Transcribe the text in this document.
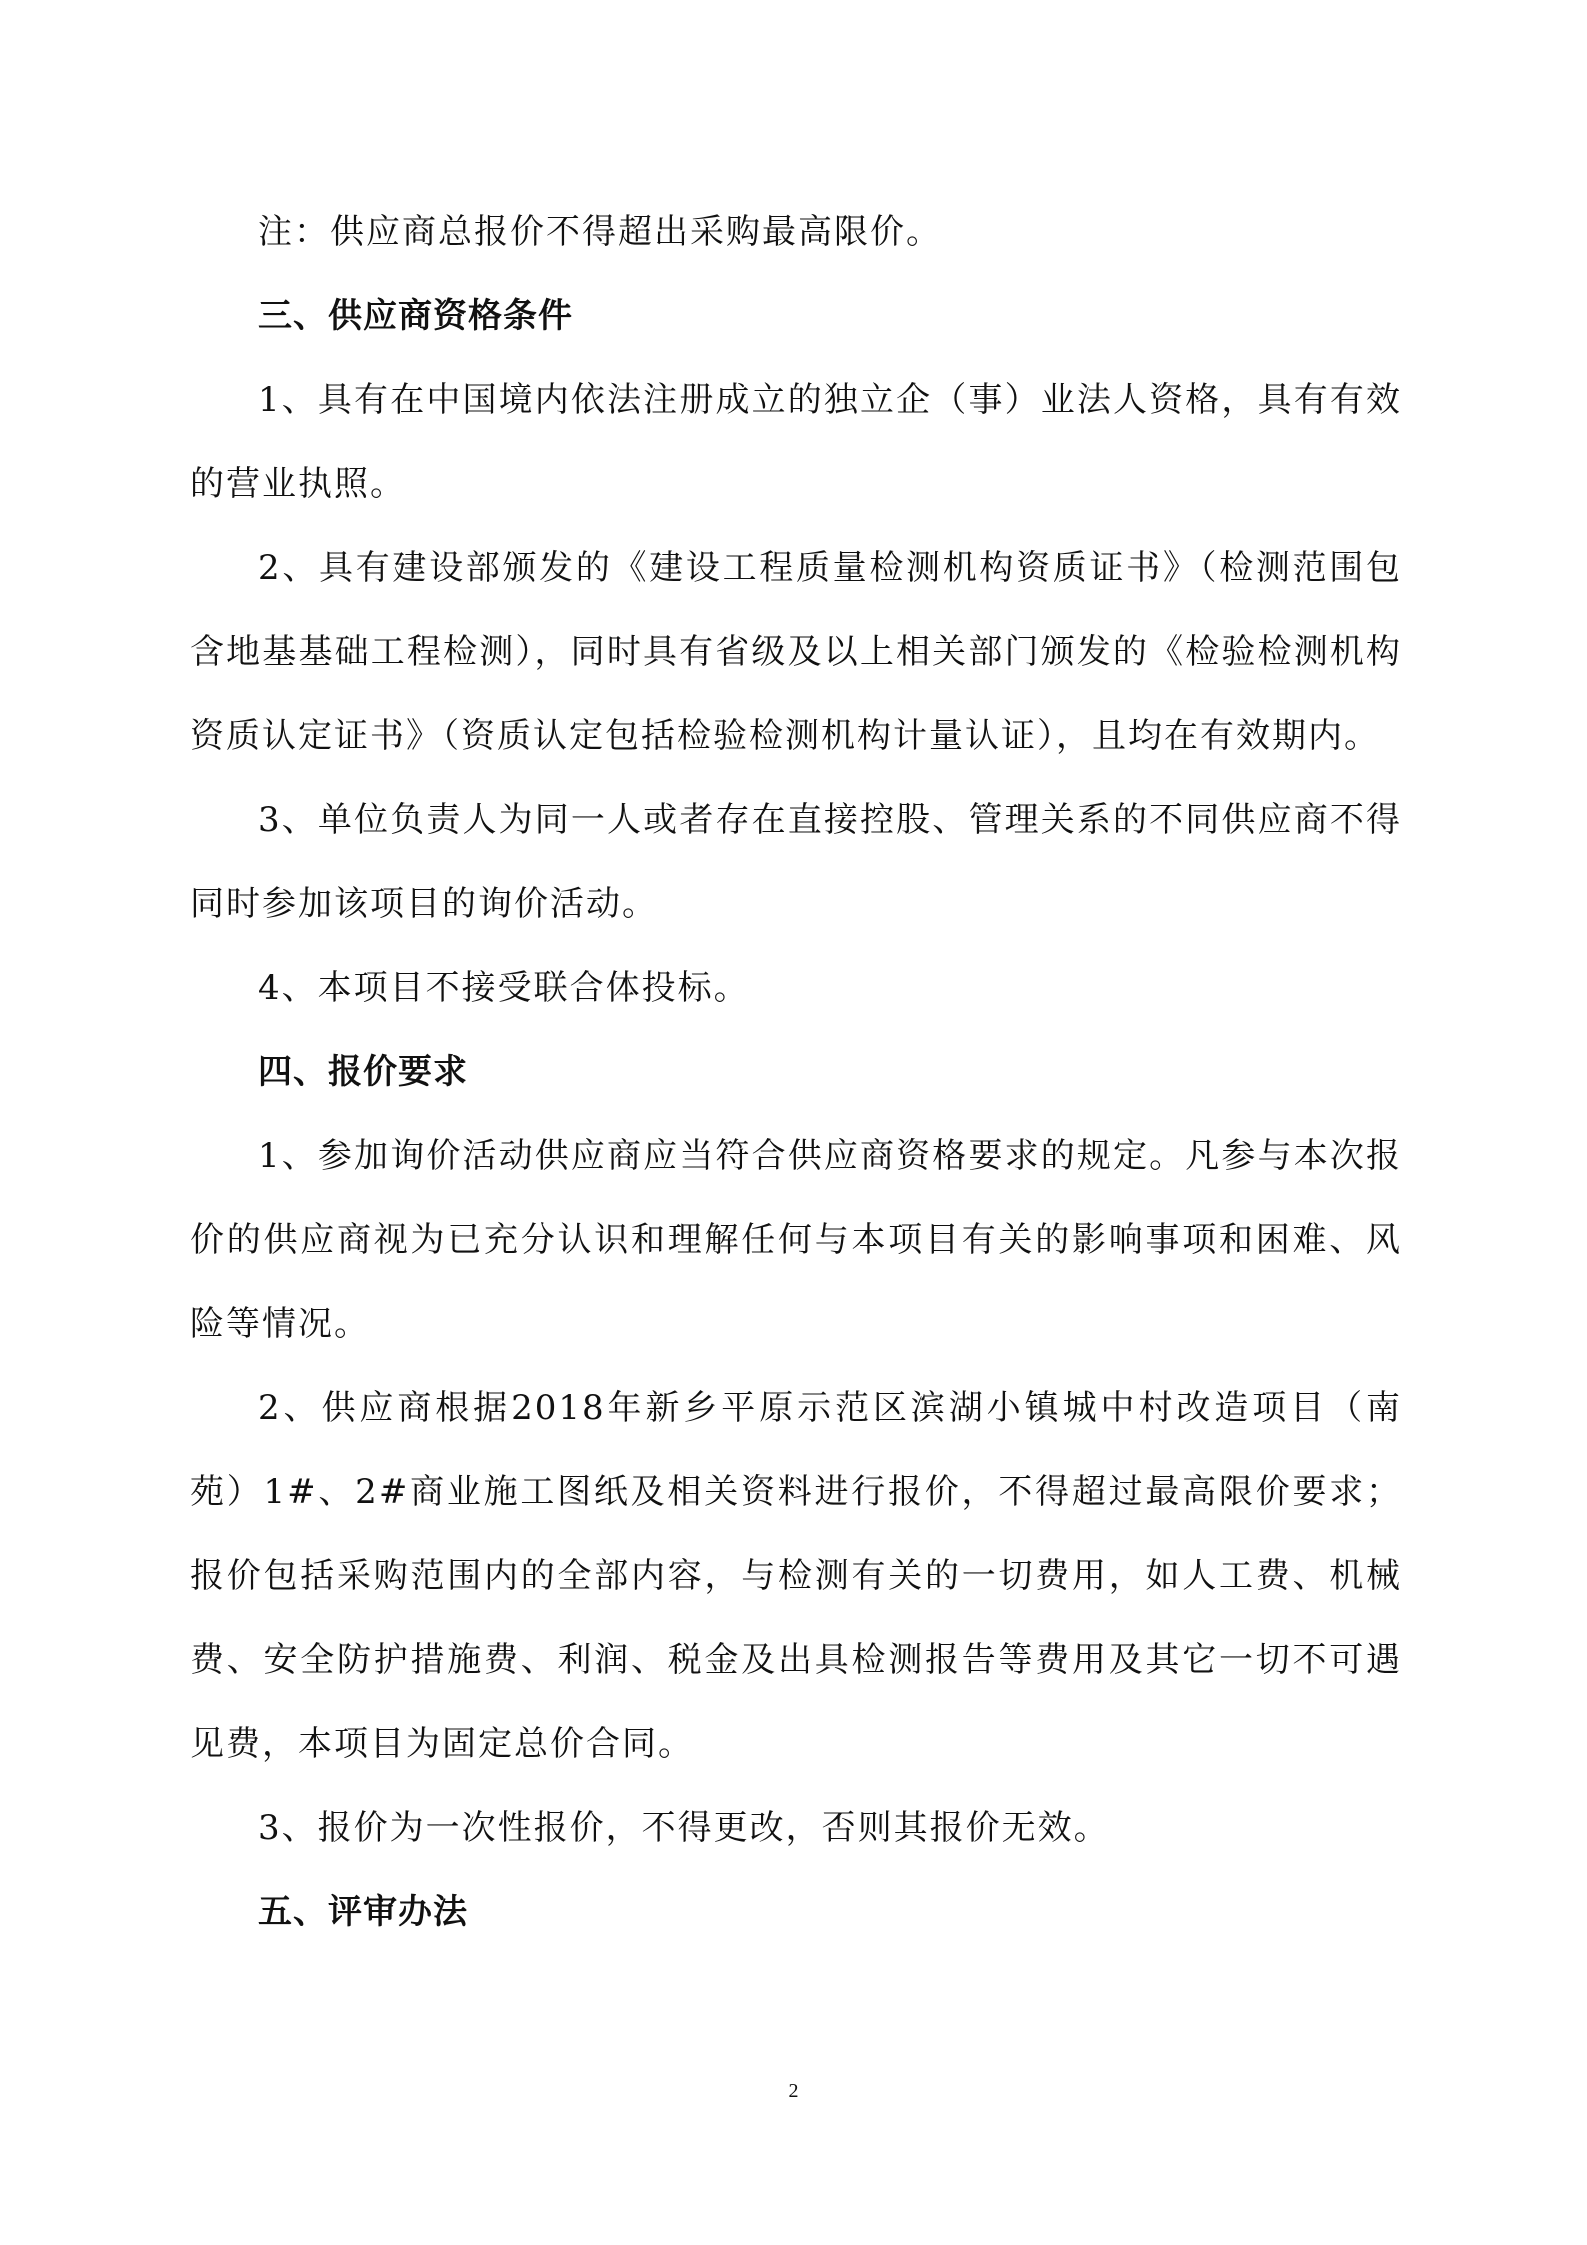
注：供应商总报价不得超出采购最高限价。

三、供应商资格条件

1、具有在中国境内依法注册成立的独立企（事）业法人资格，具有有效的营业执照。

2、具有建设部颁发的《建设工程质量检测机构资质证书》（检测范围包含地基基础工程检测），同时具有省级及以上相关部门颁发的《检验检测机构资质认定证书》（资质认定包括检验检测机构计量认证），且均在有效期内。

3、单位负责人为同一人或者存在直接控股、管理关系的不同供应商不得同时参加该项目的询价活动。

4、本项目不接受联合体投标。

四、报价要求

1、参加询价活动供应商应当符合供应商资格要求的规定。凡参与本次报价的供应商视为已充分认识和理解任何与本项目有关的影响事项和困难、风险等情况。

2、供应商根据2018年新乡平原示范区滨湖小镇城中村改造项目（南苑）1#、2#商业施工图纸及相关资料进行报价，不得超过最高限价要求；报价包括采购范围内的全部内容，与检测有关的一切费用，如人工费、机械费、安全防护措施费、利润、税金及出具检测报告等费用及其它一切不可遇见费，本项目为固定总价合同。

3、报价为一次性报价，不得更改，否则其报价无效。

五、评审办法

2
